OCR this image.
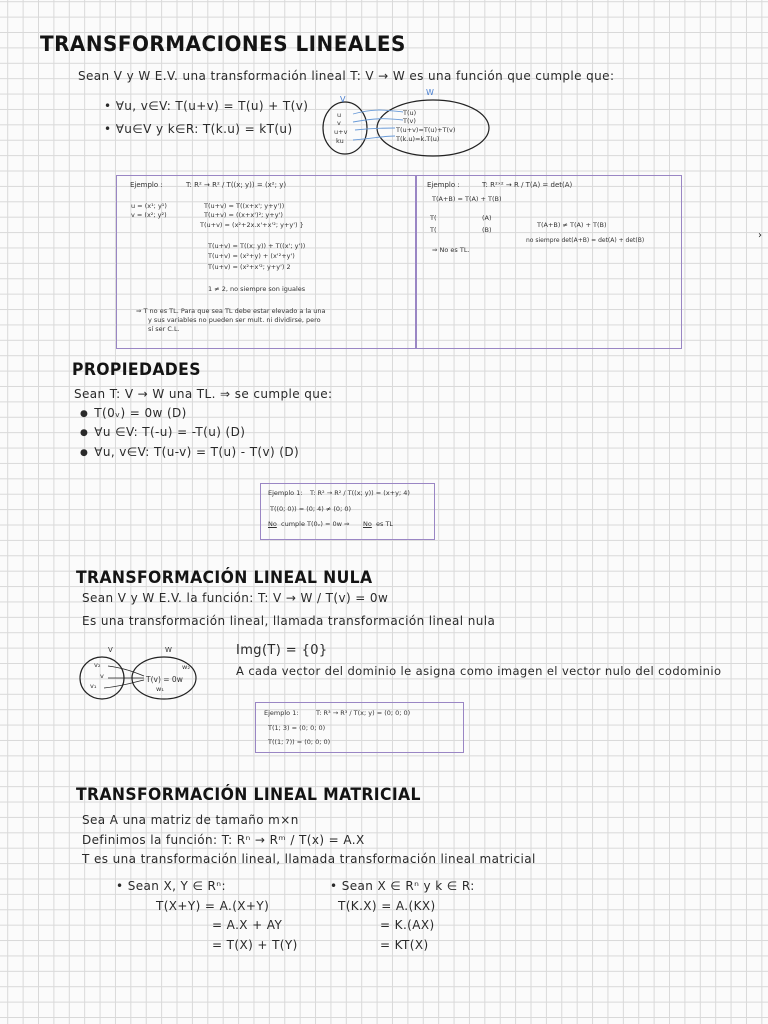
TRANSFORMACIONES LINEALES
Sean V y W E.V. una transformación lineal T: V → W es una función que cumple que:
• ∀u, v∈V: T(u+v) = T(u) + T(v)
• ∀u∈V y k∈R: T(k.u) = kT(u)
W
V
u
v
u+v
ku
T(u)
T(v)
T(u+v)=T(u)+T(v)
T(k.u)=k.T(u)
Ejemplo :	T: R² → R² / T((x; y)) = (x²; y)
u = (x¹; y¹)
v = (x²; y²)
T(u+v) = T((x+x'; y+y'))
T(u+v) = ((x+x')²; y+y')
T(u+v) = (x²+2x.x'+x'²; y+y') }
T(u+v) = T((x; y)) + T((x'; y'))
T(u+v) = (x²+y) + (x'²+y')
T(u+v) = (x²+x'²; y+y') 2
1 ≠ 2, no siempre son iguales
⇒ T no es TL. Para que sea TL debe estar elevado a la una
y sus variables no pueden ser mult. ni dividirse, pero
sí ser C.L.
Ejemplo :	T: R²ˣ² → R / T(A) = det(A)
T(A+B) = T(A) + T(B)
T(	(A)
T(	(B)
T(A+B) ≠ T(A) + T(B)
no siempre det(A+B) = det(A) + det(B)
⇒ No es TL.
›
PROPIEDADES
Sean T: V → W una TL. ⇒ se cumple que:
● T(0ᵥ) = 0w (D)
● ∀u ∈V: T(-u) = -T(u) (D)
● ∀u, v∈V: T(u-v) = T(u) - T(v) (D)
Ejemplo 1: T: R² → R² / T((x; y)) = (x+y; 4)
T((0; 0)) = (0; 4) ≠ (0; 0)
No cumple T(0ᵥ) = 0w ⇒ No es TL
TRANSFORMACIÓN LINEAL NULA
Sean V y W E.V. la función: T: V → W / T(v) = 0w
Es una transformación lineal, llamada transformación lineal nula
Img(T) = {0}
A cada vector del dominio le asigna como imagen el vector nulo del codominio
V	W
v₂
v
v₁
w₂
T(v) = 0w
w₁
Ejemplo 1:	T: R³ → R³ / T(x; y) = (0; 0; 0)
T(1; 3) = (0; 0; 0)
T((1; 7)) = (0; 0; 0)
TRANSFORMACIÓN LINEAL MATRICIAL
Sea A una matriz de tamaño m×n
Definimos la función: T: Rⁿ → Rᵐ / T(x) = A.X
T es una transformación lineal, llamada transformación lineal matricial
• Sean X, Y ∈ Rⁿ:
T(X+Y) = A.(X+Y)
= A.X + AY
= T(X) + T(Y)
• Sean X ∈ Rⁿ y k ∈ R:
T(K.X) = A.(KX)
= K.(AX)
= KT(X)
